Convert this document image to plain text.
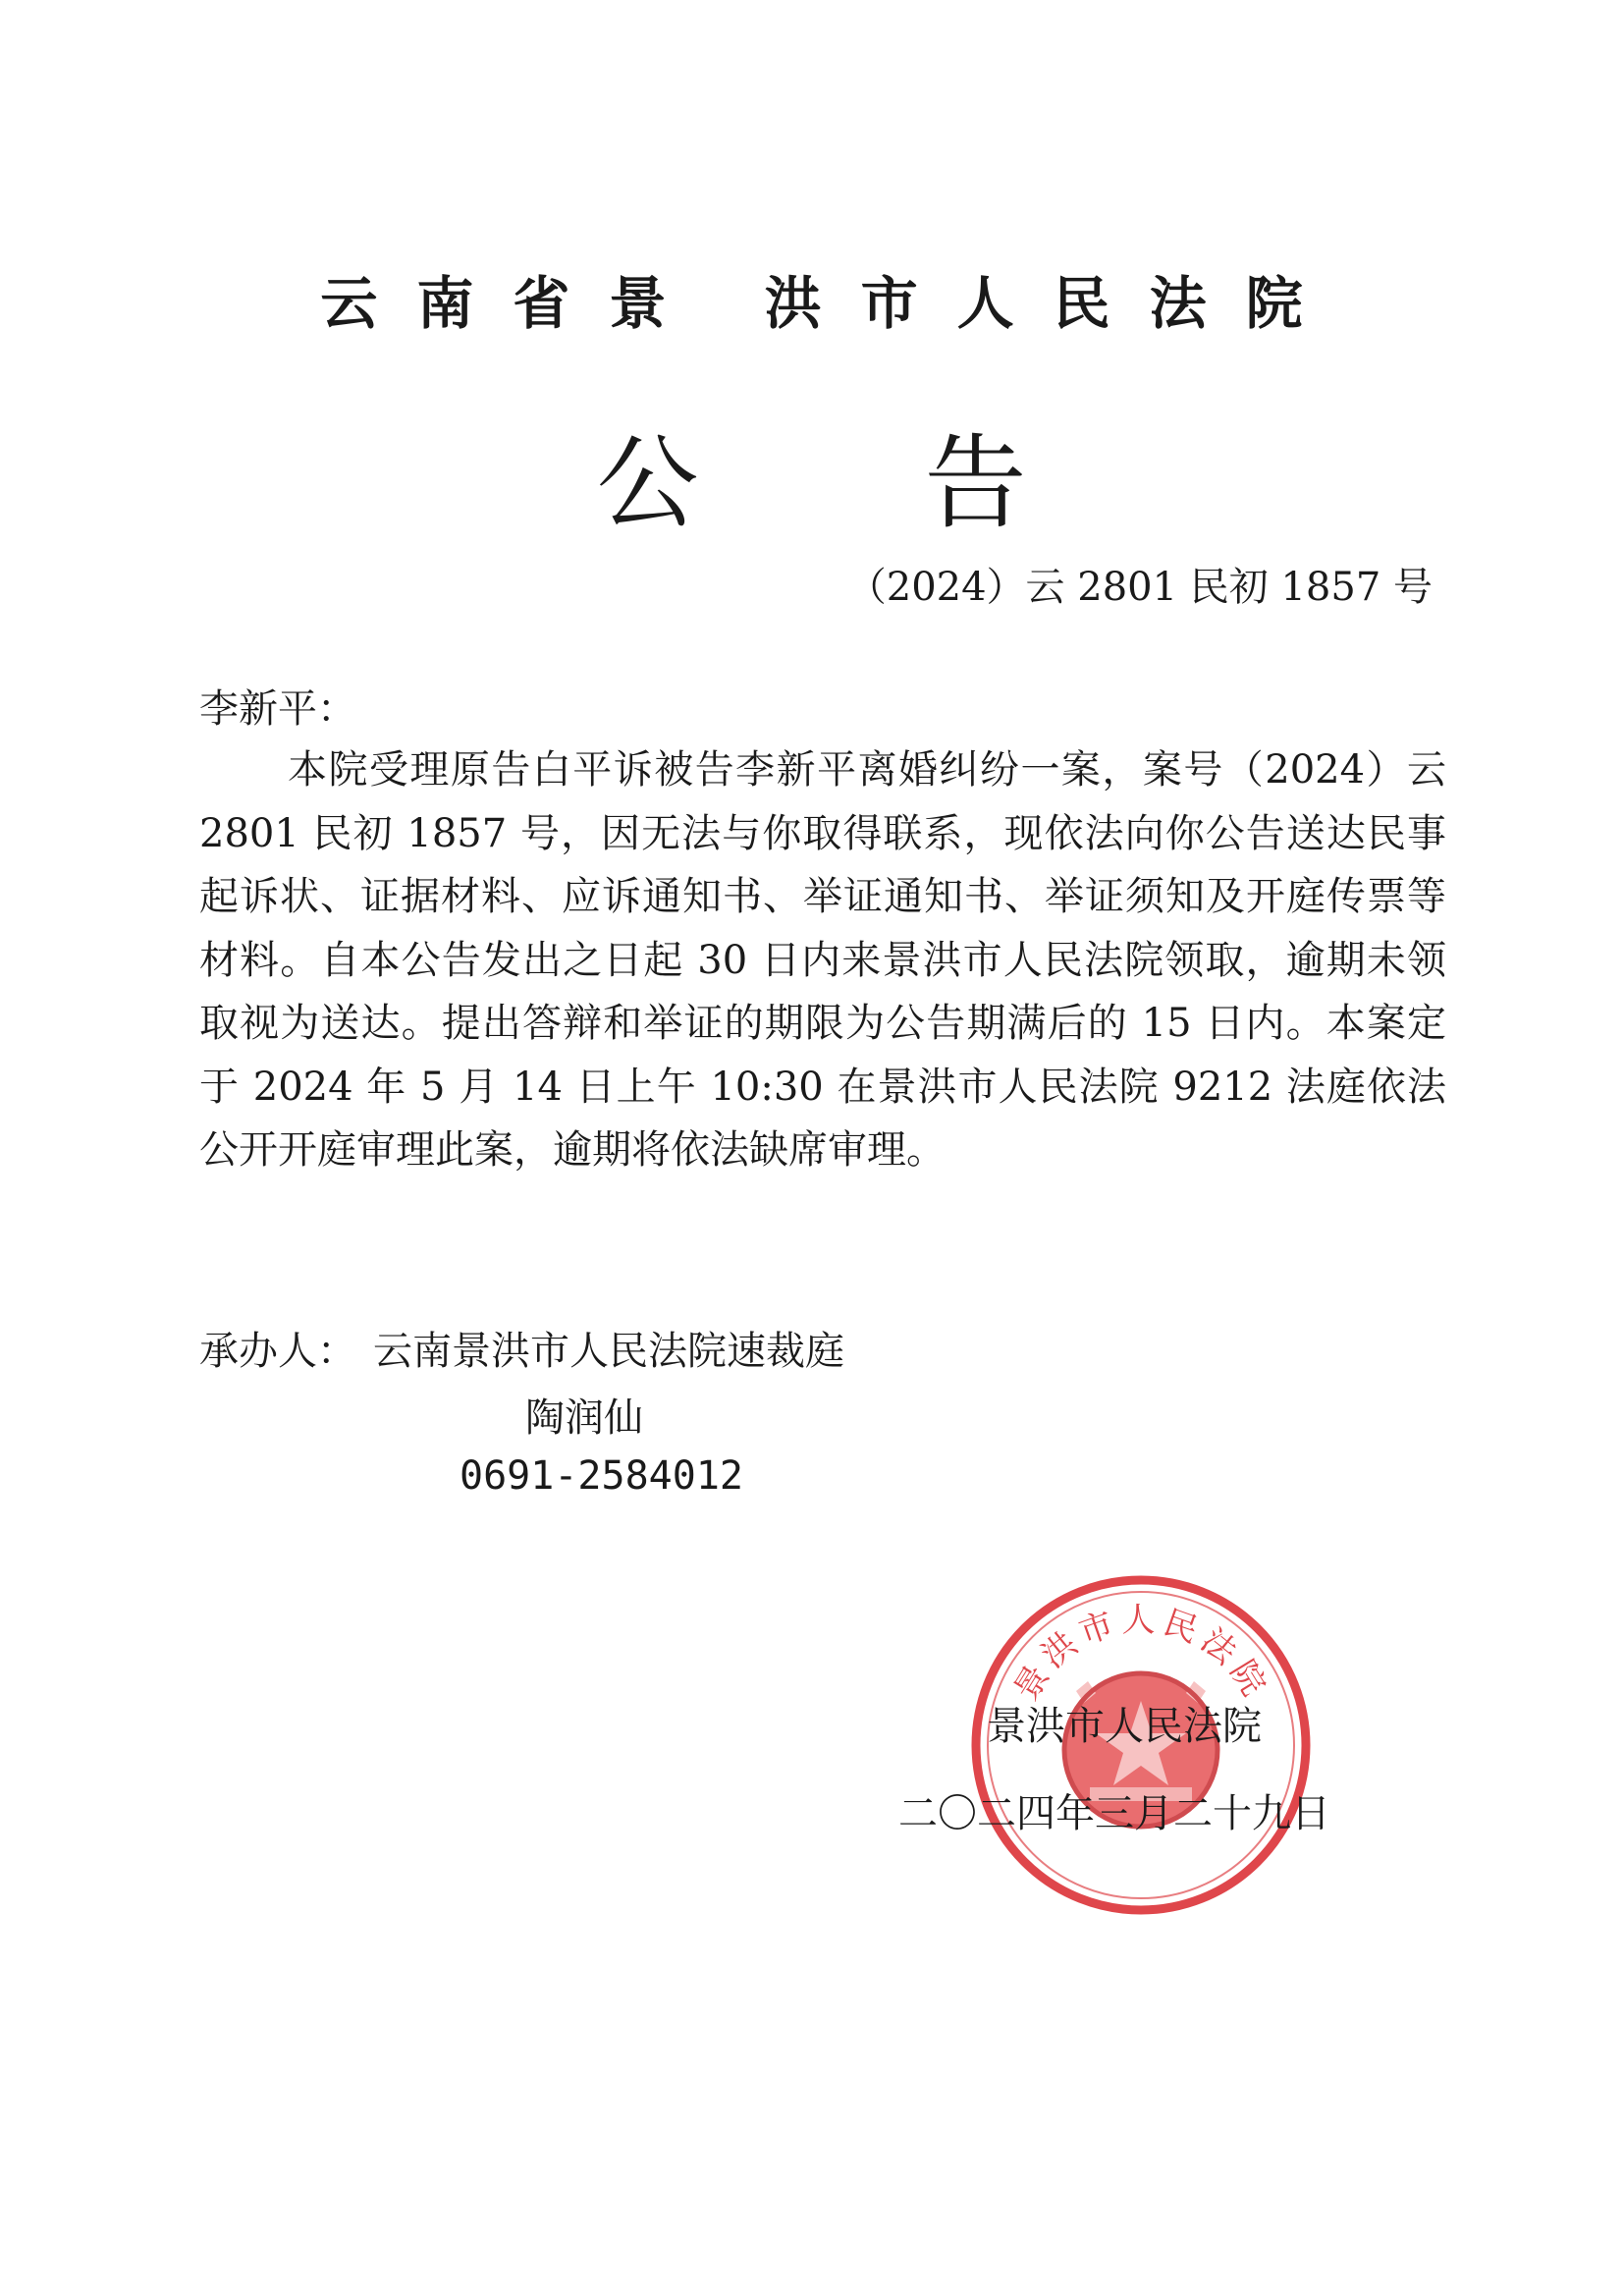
云南省景 洪市人民法院
公告
（2024）云 2801 民初 1857 号
李新平：

本院受理原告白平诉被告李新平离婚纠纷一案，案号（2024）云 2801 民初 1857 号，因无法与你取得联系，现依法向你公告送达民事起诉状、证据材料、应诉通知书、举证通知书、举证须知及开庭传票等材料。自本公告发出之日起 30 日内来景洪市人民法院领取，逾期未领取视为送达。提出答辩和举证的期限为公告期满后的 15 日内。本案定于 2024 年 5 月 14 日上午 10:30 在景洪市人民法院 9212 法庭依法公开开庭审理此案，逾期将依法缺席审理。

承办人： 云南景洪市人民法院速裁庭
陶润仙
0691-2584012
景洪市人民法院
景洪市人民法院
二〇二四年三月二十九日
